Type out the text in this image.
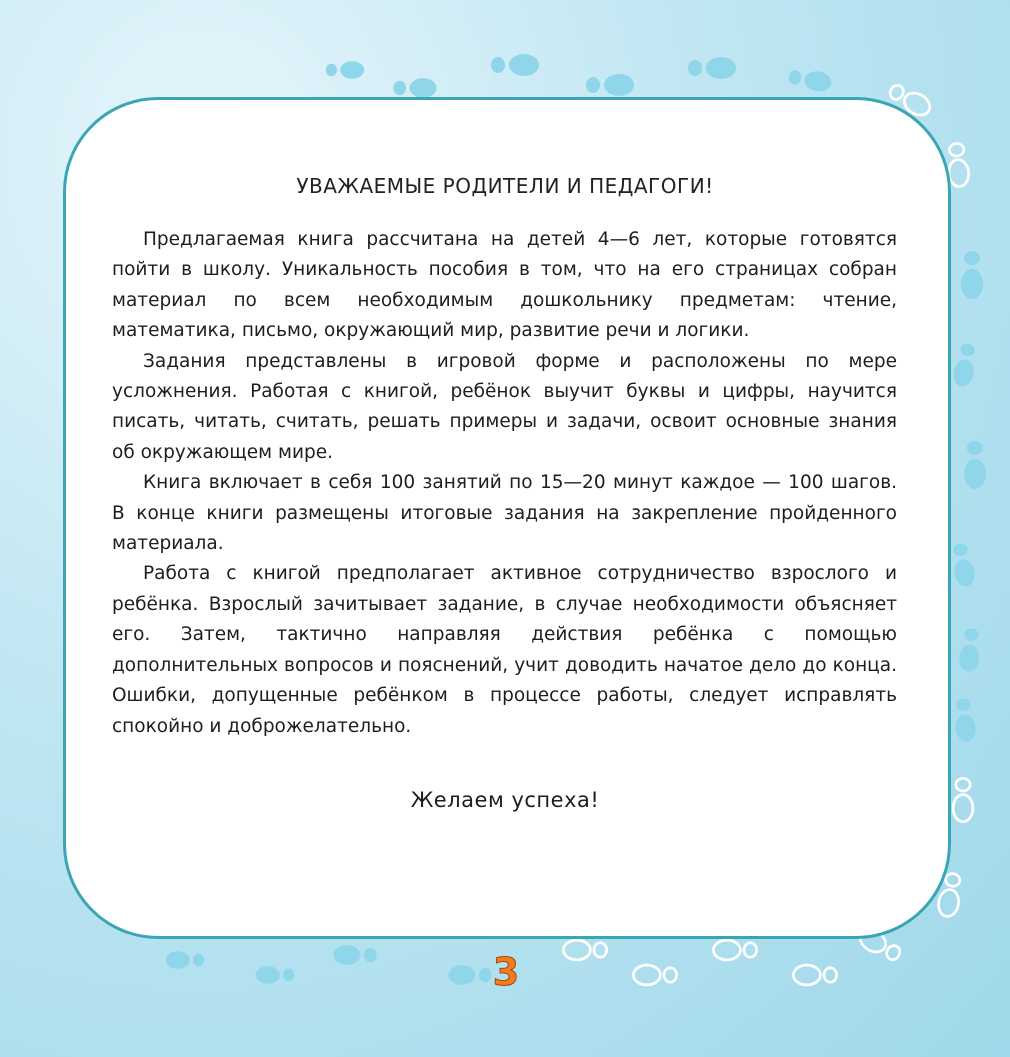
УВАЖАЕМЫЕ РОДИТЕЛИ И ПЕДАГОГИ!

Предлагаемая книга рассчитана на детей 4—6 лет, которые готовятся пойти в школу. Уникальность пособия в том, что на его страницах собран материал по всем необходимым дошкольнику предметам: чтение, математика, письмо, окружающий мир, развитие речи и логики.

Задания представлены в игровой форме и расположены по мере усложнения. Работая с книгой, ребёнок выучит буквы и цифры, научится писать, читать, считать, решать примеры и задачи, освоит основные знания об окружающем мире.

Книга включает в себя 100 занятий по 15—20 минут каждое — 100 шагов. В конце книги размещены итоговые задания на закрепление пройденного материала.

Работа с книгой предполагает активное сотрудничество взрослого и ребёнка. Взрослый зачитывает задание, в случае необходимости объясняет его. Затем, тактично направляя действия ребёнка с помощью дополнительных вопросов и пояснений, учит доводить начатое дело до конца. Ошибки, допущенные ребёнком в процессе работы, следует исправлять спокойно и доброжелательно.

Желаем успеха!
3
